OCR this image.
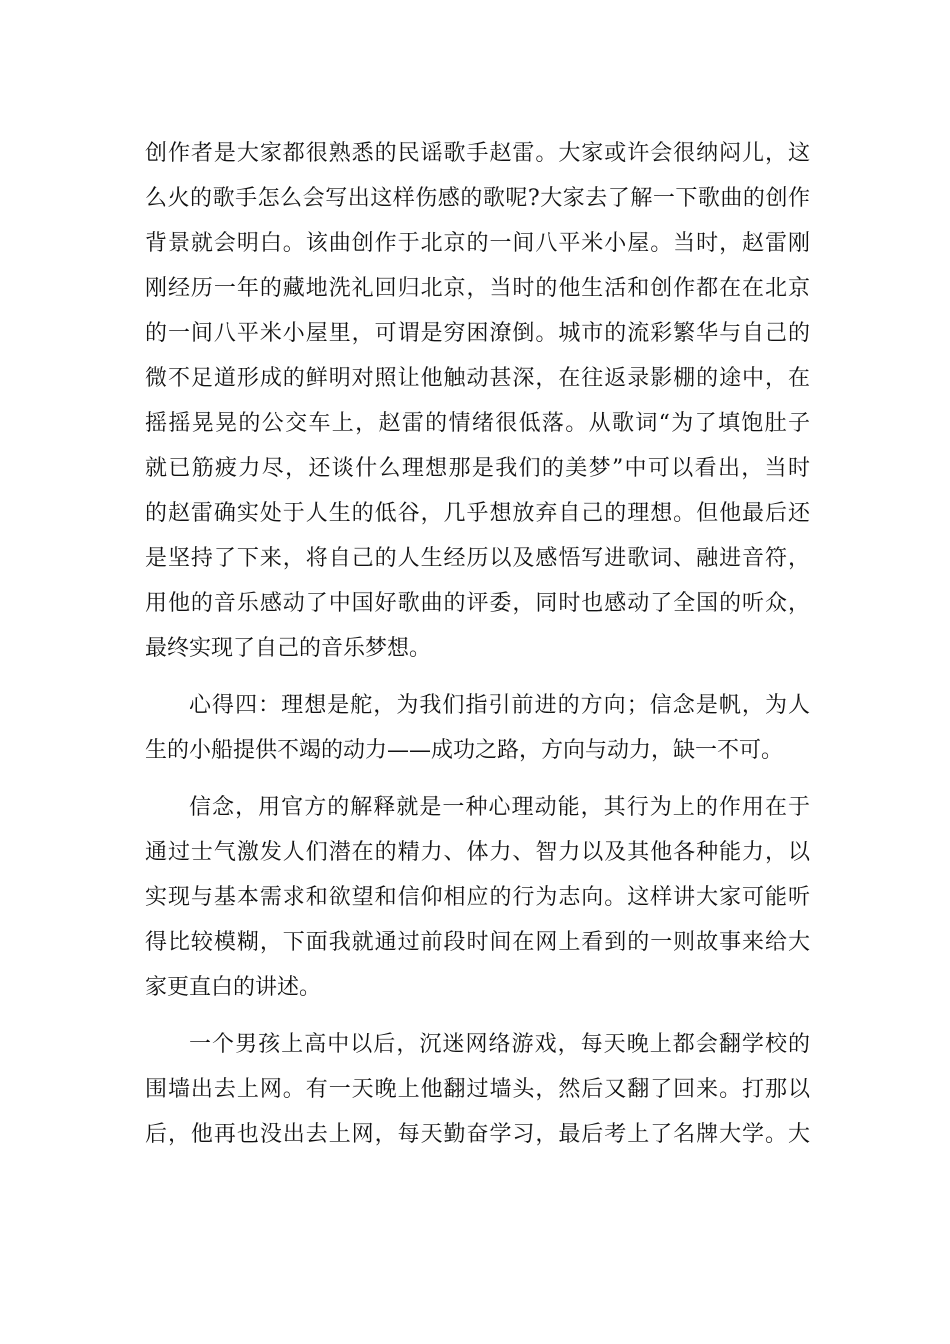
创作者是大家都很熟悉的民谣歌手赵雷。大家或许会很纳闷儿，这
么火的歌手怎么会写出这样伤感的歌呢?大家去了解一下歌曲的创作
背景就会明白。该曲创作于北京的一间八平米小屋。当时，赵雷刚
刚经历一年的藏地洗礼回归北京，当时的他生活和创作都在在北京
的一间八平米小屋里，可谓是穷困潦倒。城市的流彩繁华与自己的
微不足道形成的鲜明对照让他触动甚深，在往返录影棚的途中，在
摇摇晃晃的公交车上，赵雷的情绪很低落。从歌词“为了填饱肚子
就已筋疲力尽，还谈什么理想那是我们的美梦”中可以看出，当时
的赵雷确实处于人生的低谷，几乎想放弃自己的理想。但他最后还
是坚持了下来，将自己的人生经历以及感悟写进歌词、融进音符，
用他的音乐感动了中国好歌曲的评委，同时也感动了全国的听众，
最终实现了自己的音乐梦想。
心得四：理想是舵，为我们指引前进的方向；信念是帆，为人
生的小船提供不竭的动力——成功之路，方向与动力，缺一不可。
信念，用官方的解释就是一种心理动能，其行为上的作用在于
通过士气激发人们潜在的精力、体力、智力以及其他各种能力，以
实现与基本需求和欲望和信仰相应的行为志向。这样讲大家可能听
得比较模糊，下面我就通过前段时间在网上看到的一则故事来给大
家更直白的讲述。
一个男孩上高中以后，沉迷网络游戏，每天晚上都会翻学校的
围墙出去上网。有一天晚上他翻过墙头，然后又翻了回来。打那以
后，他再也没出去上网，每天勤奋学习，最后考上了名牌大学。大
